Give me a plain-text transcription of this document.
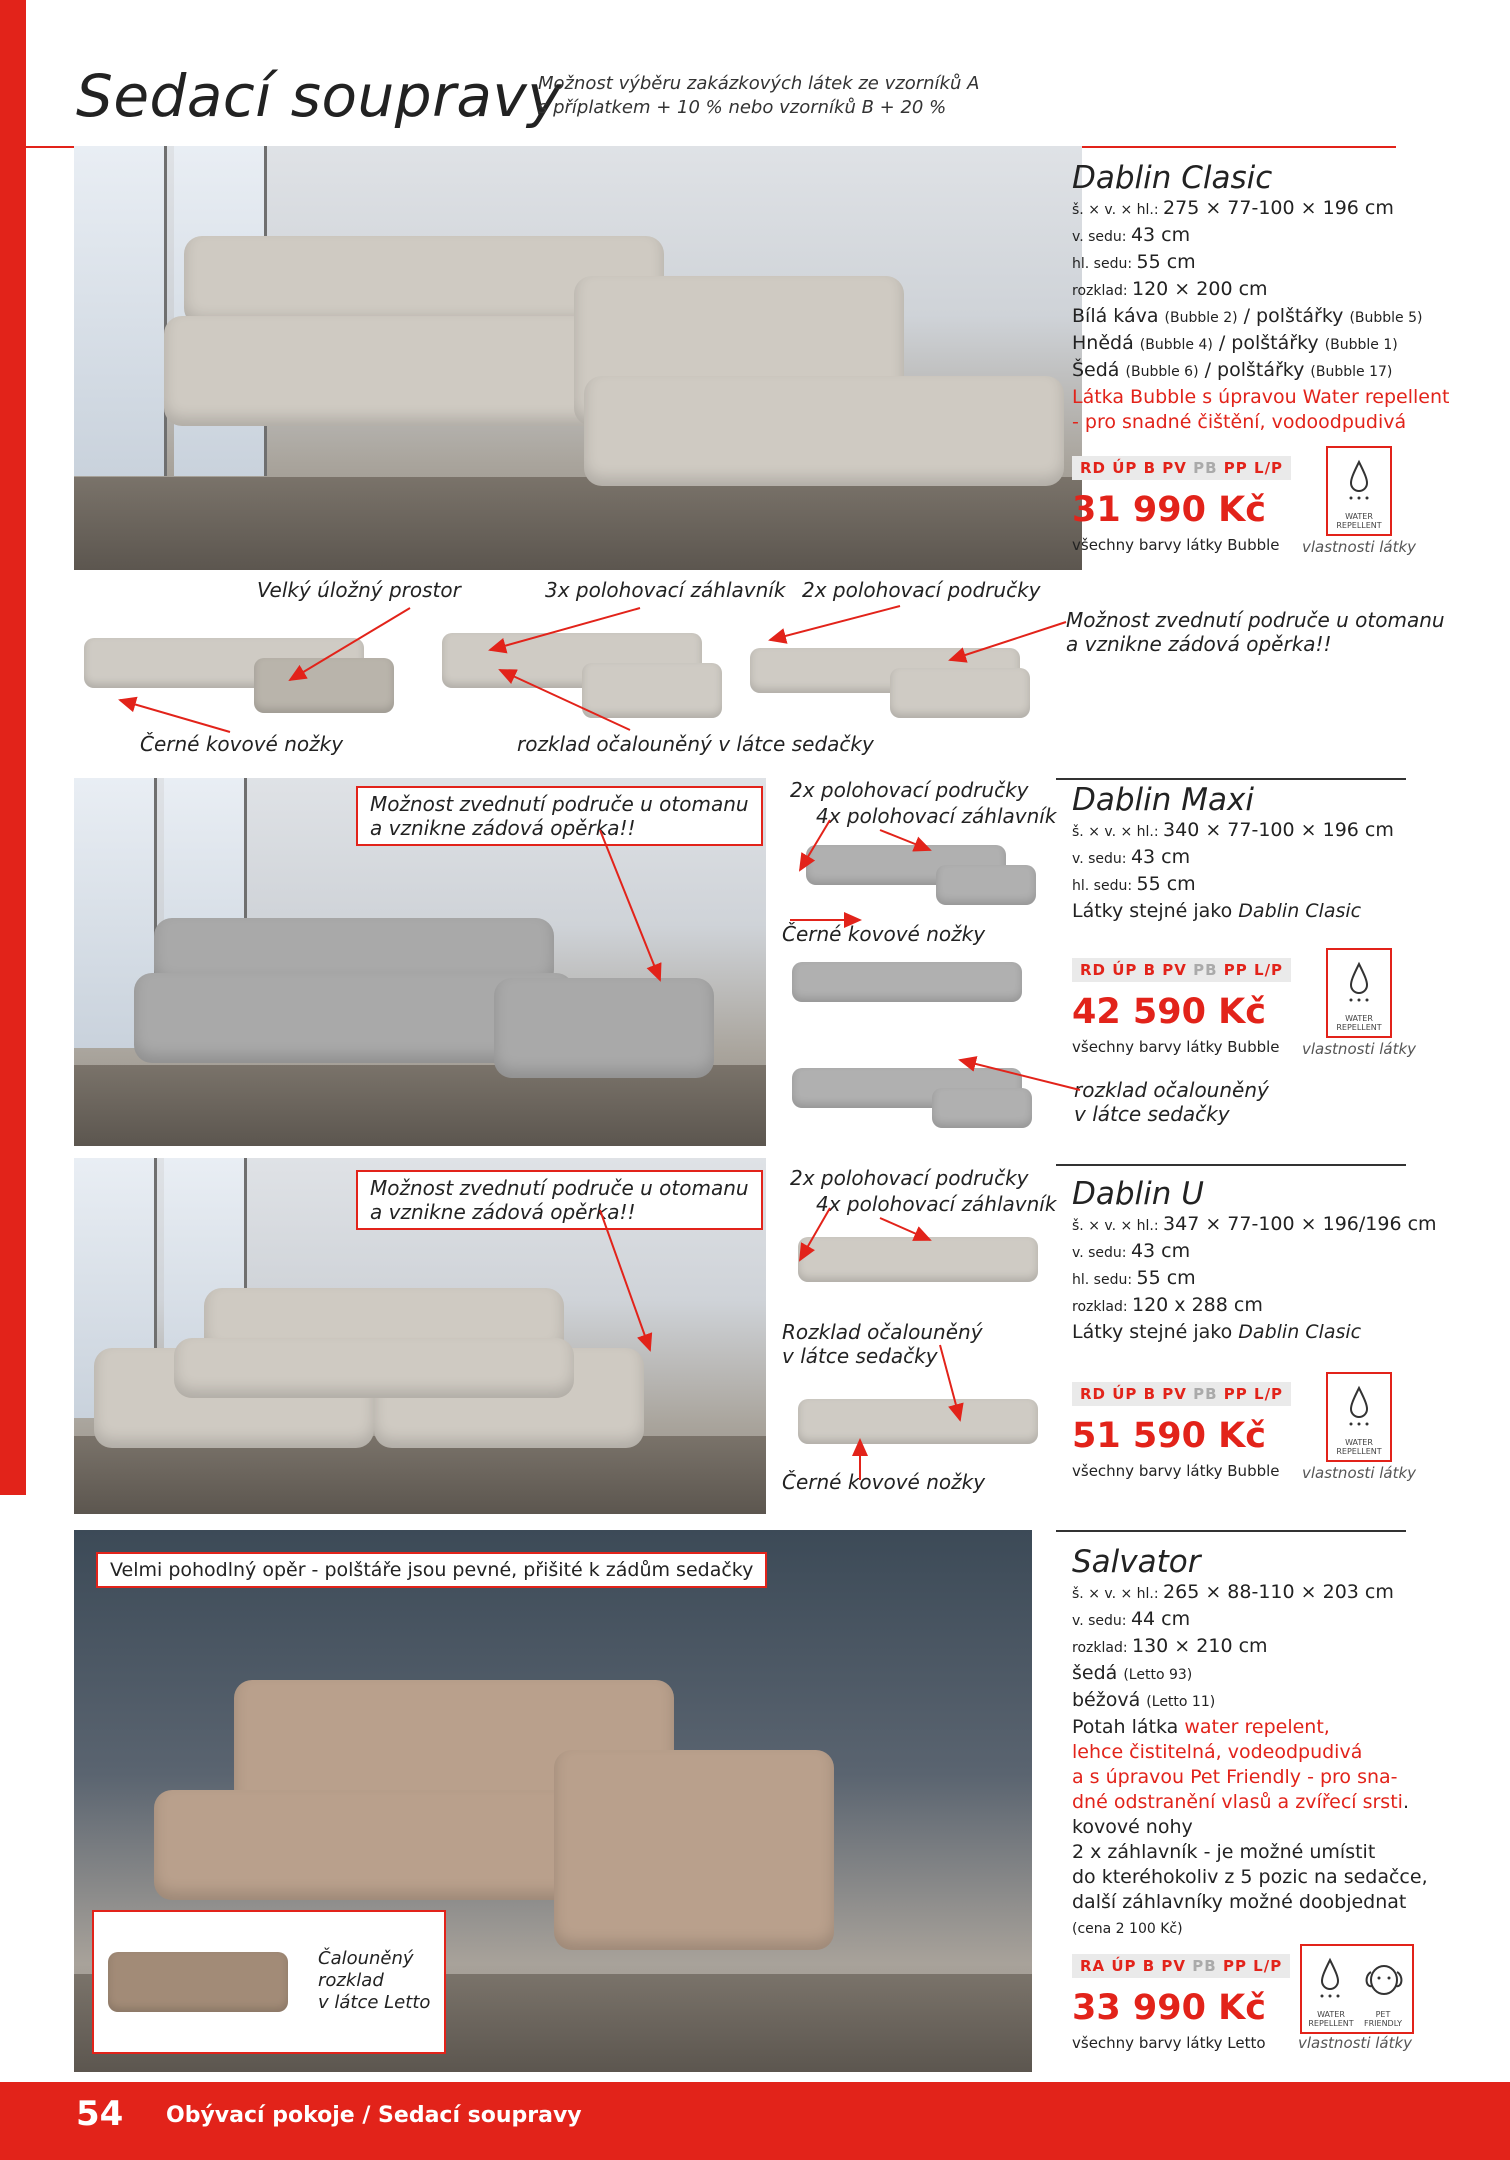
Sedací soupravy
Možnost výběru zakázkových látek ze vzorníků A
s příplatkem + 10 % nebo vzorníků B + 20 %
Dablin Clasic
š. × v. × hl.: 275 × 77-100 × 196 cm
v. sedu: 43 cm
hl. sedu: 55 cm
rozklad: 120 × 200 cm
Bílá káva (Bubble 2) / polštářky (Bubble 5)
Hnědá (Bubble 4) / polštářky (Bubble 1)
Šedá (Bubble 6) / polštářky (Bubble 17)
Látka Bubble s úpravou Water repellent
- pro snadné čištění, vodoodpudivá
RD ÚP B PV PB PP L/P
31 990 Kč
všechny barvy látky Bubble
WATER
REPELLENT
vlastnosti látky
Velký úložný prostor	3x polohovací záhlavník 2x polohovací područky
Možnost zvednutí područe u otomanu
a vznikne zádová opěrka!!
Černé kovové nožky	rozklad očalouněný v látce sedačky
Možnost zvednutí područe u otomanu
a vznikne zádová opěrka!!
2x polohovací područky
4x polohovací záhlavník
Černé kovové nožky
Dablin Maxi
š. × v. × hl.: 340 × 77-100 × 196 cm
v. sedu: 43 cm
hl. sedu: 55 cm
Látky stejné jako Dablin Clasic
RD ÚP B PV PB PP L/P
42 590 Kč
všechny barvy látky Bubble
WATER
REPELLENT
vlastnosti látky
rozklad očalouněný
v látce sedačky
Možnost zvednutí područe u otomanu
a vznikne zádová opěrka!!
2x polohovací područky
4x polohovací záhlavník
Rozklad očalouněný
v látce sedačky
Černé kovové nožky
Dablin U
š. × v. × hl.: 347 × 77-100 × 196/196 cm
v. sedu: 43 cm
hl. sedu: 55 cm
rozklad: 120 x 288 cm
Látky stejné jako Dablin Clasic
RD ÚP B PV PB PP L/P
51 590 Kč
všechny barvy látky Bubble
WATER
REPELLENT
vlastnosti látky
Velmi pohodlný opěr - polštáře jsou pevné, přišité k zádům sedačky
Čalouněný
rozklad
v látce Letto
Salvator
š. × v. × hl.: 265 × 88-110 × 203 cm
v. sedu: 44 cm
rozklad: 130 × 210 cm
šedá (Letto 93)
béžová (Letto 11)
Potah látka water repelent,
lehce čistitelná, vodeodpudivá
a s úpravou Pet Friendly - pro sna-
dné odstranění vlasů a zvířecí srsti.
kovové nohy
2 x záhlavník - je možné umístit
do kteréhokoliv z 5 pozic na sedačce,
další záhlavníky možné doobjednat
(cena 2 100 Kč)
RA ÚP B PV PB PP L/P
33 990 Kč
všechny barvy látky Letto
WATER
REPELLENT
PET
FRIENDLY
vlastnosti látky
54 Obývací pokoje / Sedací soupravy
